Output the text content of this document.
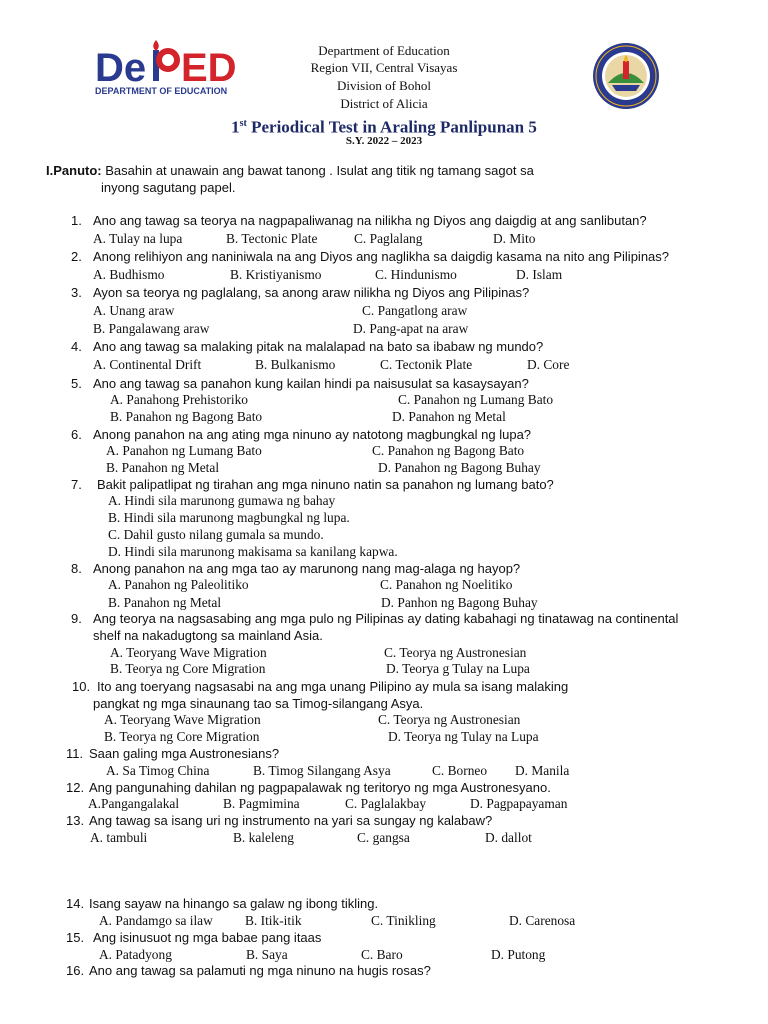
De ED
DEPARTMENT OF EDUCATION
Department of Education
Region VII, Central Visayas
Division of Bohol
District of Alicia
1st Periodical Test in Araling Panlipunan 5
S.Y. 2022 – 2023
I.Panuto: Basahin at unawain ang bawat tanong . Isulat ang titik ng tamang sagot sa
inyong sagutang papel.
1. Ano ang tawag sa teorya na nagpapaliwanag na nilikha ng Diyos ang daigdig at ang sanlibutan?
A. Tulay na lupa	B. Tectonic Plate	C. Paglalang	D. Mito
2. Anong relihiyon ang naniniwala na ang Diyos ang naglikha sa daigdig kasama na nito ang Pilipinas?
A. Budhismo	B. Kristiyanismo	C. Hindunismo	D. Islam
3. Ayon sa teorya ng paglalang, sa anong araw nilikha ng Diyos ang Pilipinas?
A. Unang araw	C. Pangatlong araw
B. Pangalawang araw	D. Pang-apat na araw
4. Ano ang tawag sa malaking pitak na malalapad na bato sa ibabaw ng mundo?
A. Continental Drift	B. Bulkanismo	C. Tectonik Plate	D. Core
5. Ano ang tawag sa panahon kung kailan hindi pa naisusulat sa kasaysayan?
A. Panahong Prehistoriko	C. Panahon ng Lumang Bato
B. Panahon ng Bagong Bato	D. Panahon ng Metal
6. Anong panahon na ang ating mga ninuno ay natotong magbungkal ng lupa?
A. Panahon ng Lumang Bato	C. Panahon ng Bagong Bato
B. Panahon ng Metal	D. Panahon ng Bagong Buhay
7. Bakit palipatlipat ng tirahan ang mga ninuno natin sa panahon ng lumang bato?
A. Hindi sila marunong gumawa ng bahay
B. Hindi sila marunong magbungkal ng lupa.
C. Dahil gusto nilang gumala sa mundo.
D. Hindi sila marunong makisama sa kanilang kapwa.
8. Anong panahon na ang mga tao ay marunong nang mag-alaga ng hayop?
A. Panahon ng Paleolitiko	C. Panahon ng Noelitiko
B. Panahon ng Metal	D. Panhon ng Bagong Buhay
9. Ang teorya na nagsasabing ang mga pulo ng Pilipinas ay dating kabahagi ng tinatawag na continental
shelf na nakadugtong sa mainland Asia.
A. Teoryang Wave Migration	C. Teorya ng Austronesian
B. Teorya ng Core Migration	D. Teorya g Tulay na Lupa
10. Ito ang toeryang nagsasabi na ang mga unang Pilipino ay mula sa isang malaking
pangkat ng mga sinaunang tao sa Timog-silangang Asya.
A. Teoryang Wave Migration	C. Teorya ng Austronesian
B. Teorya ng Core Migration	D. Teorya ng Tulay na Lupa
11. Saan galing mga Austronesians?
A. Sa Timog China	B. Timog Silangang Asya	C. Borneo D. Manila
12. Ang pangunahing dahilan ng pagpapalawak ng teritoryo ng mga Austronesyano.
A.Pangangalakal	B. Pagmimina	C. Paglalakbay	D. Pagpapayaman
13. Ang tawag sa isang uri ng instrumento na yari sa sungay ng kalabaw?
A. tambuli	B. kaleleng	C. gangsa	D. dallot
14. Isang sayaw na hinango sa galaw ng ibong tikling.
A. Pandamgo sa ilaw B. Itik-itik	C. Tinikling	D. Carenosa
15. Ang isinusuot ng mga babae pang itaas
A. Patadyong	B. Saya	C. Baro	D. Putong
16. Ano ang tawag sa palamuti ng mga ninuno na hugis rosas?
